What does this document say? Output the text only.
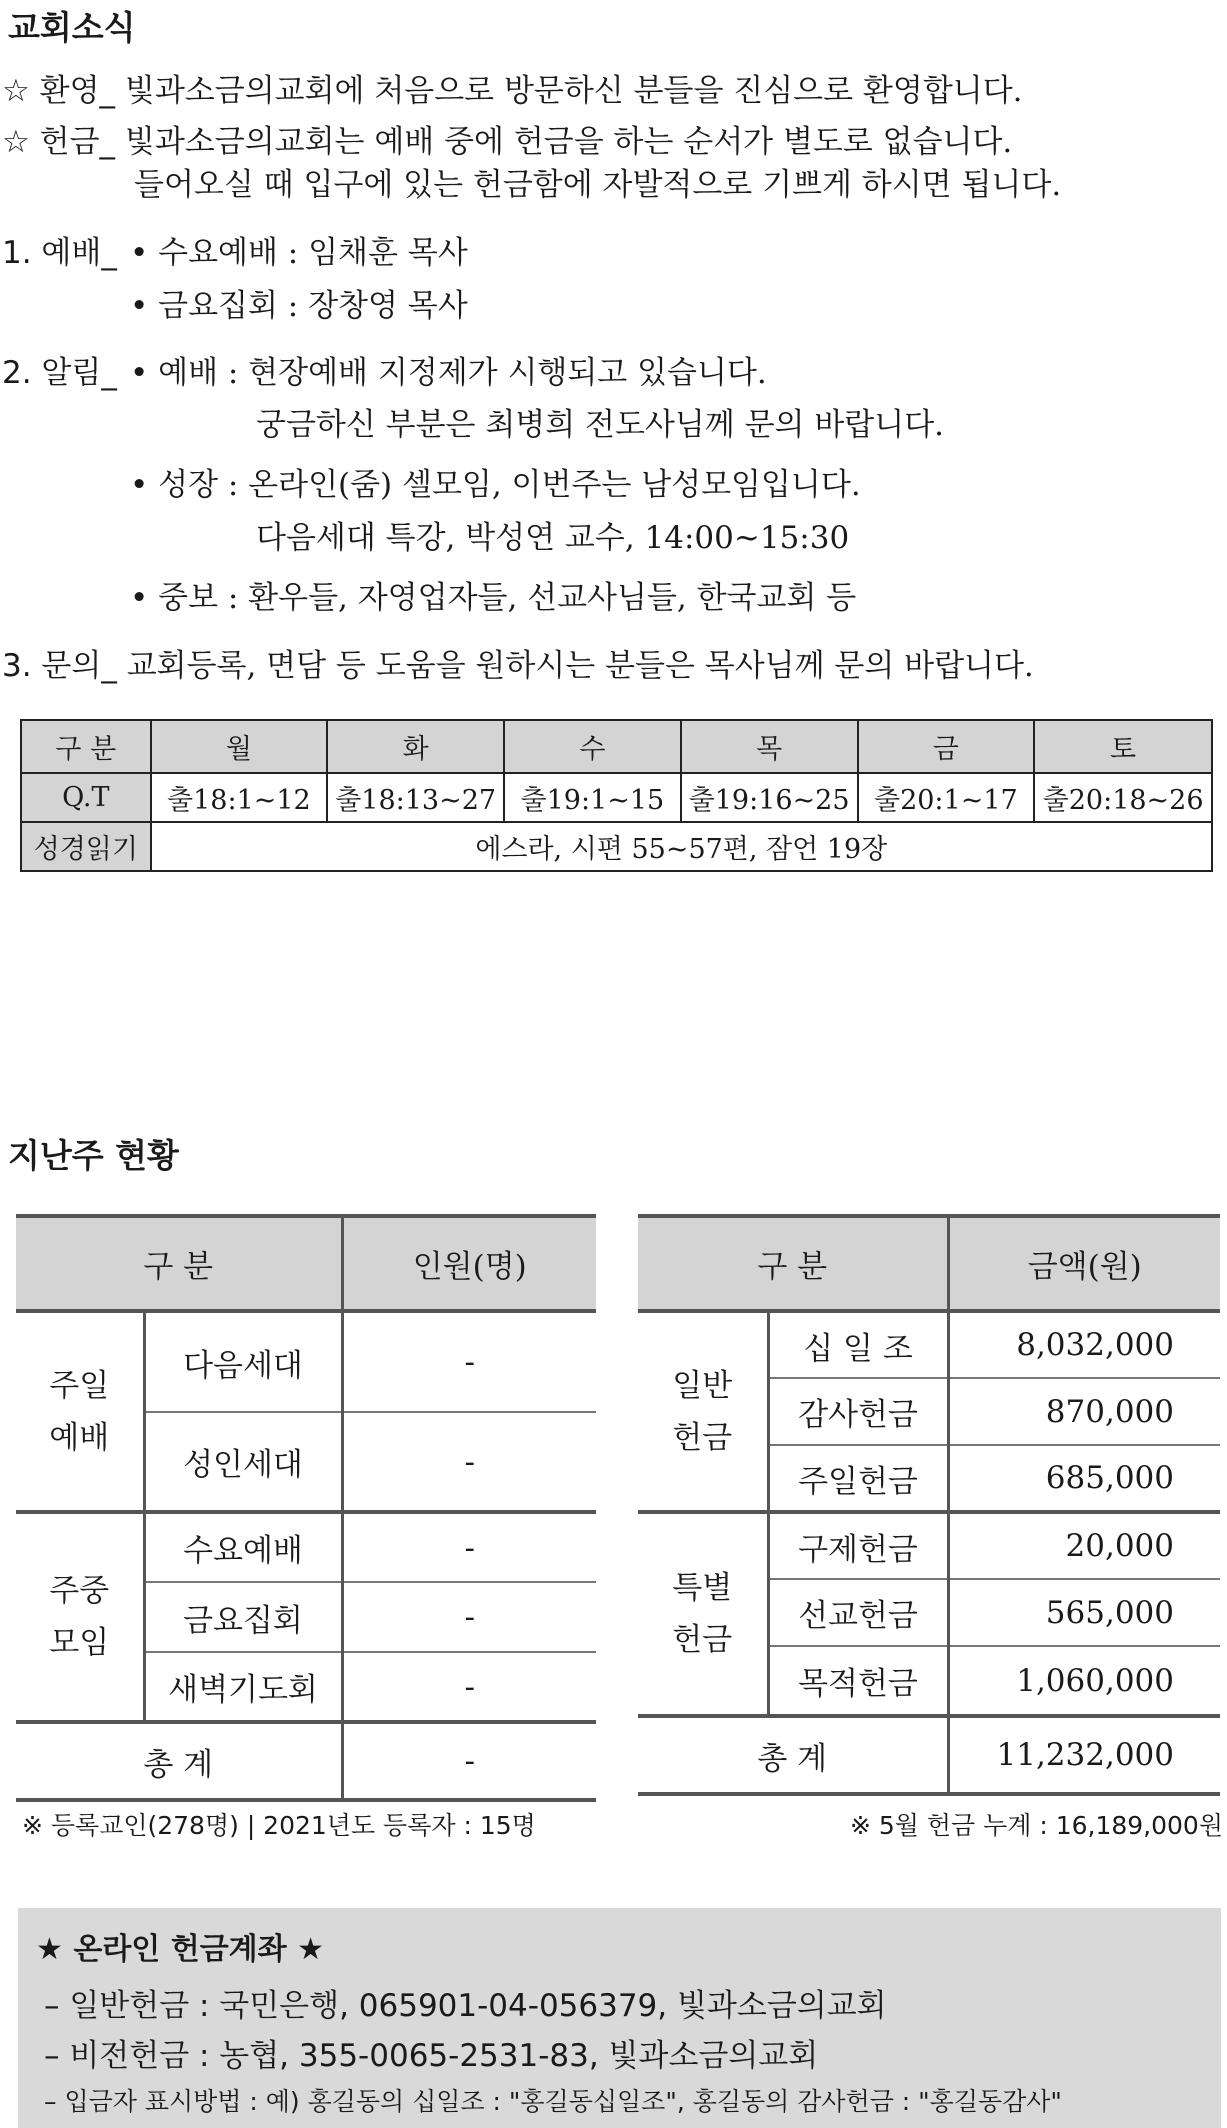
교회소식
☆ 환영_ 빛과소금의교회에 처음으로 방문하신 분들을 진심으로 환영합니다.
☆ 헌금_ 빛과소금의교회는 예배 중에 헌금을 하는 순서가 별도로 없습니다.
들어오실 때 입구에 있는 헌금함에 자발적으로 기쁘게 하시면 됩니다.
1. 예배_ • 수요예배 : 임채훈 목사
• 금요집회 : 장창영 목사
2. 알림_ • 예배 : 현장예배 지정제가 시행되고 있습니다.
궁금하신 부분은 최병희 전도사님께 문의 바랍니다.
• 성장 : 온라인(줌) 셀모임, 이번주는 남성모임입니다.
다음세대 특강, 박성연 교수, 14:00~15:30
• 중보 : 환우들, 자영업자들, 선교사님들, 한국교회 등
3. 문의_ 교회등록, 면담 등 도움을 원하시는 분들은 목사님께 문의 바랍니다.
구 분	월	화	수	목	금	토
Q.T	출18:1~12	출18:13~27	출19:1~15	출19:16~25	출20:1~17	출20:18~26
성경읽기	에스라, 시편 55~57편, 잠언 19장					
지난주 현황
구 분		인원(명)
주일
예배	다음세대	-
	성인세대	-
주중
모임	수요예배	-
	금요집회	-
	새벽기도회	-
총 계		-
구 분		금액(원)
일반
헌금	십 일 조	8,032,000
	감사헌금	870,000
	주일헌금	685,000
특별
헌금	구제헌금	20,000
	선교헌금	565,000
	목적헌금	1,060,000
총 계		11,232,000
※ 등록교인(278명) | 2021년도 등록자 : 15명	※ 5월 헌금 누계 : 16,189,000원
★ 온라인 헌금계좌 ★
– 일반헌금 : 국민은행, 065901-04-056379, 빛과소금의교회
– 비전헌금 : 농협, 355-0065-2531-83, 빛과소금의교회
– 입금자 표시방법 : 예) 홍길동의 십일조 : "홍길동십일조", 홍길동의 감사헌금 : "홍길동감사"
